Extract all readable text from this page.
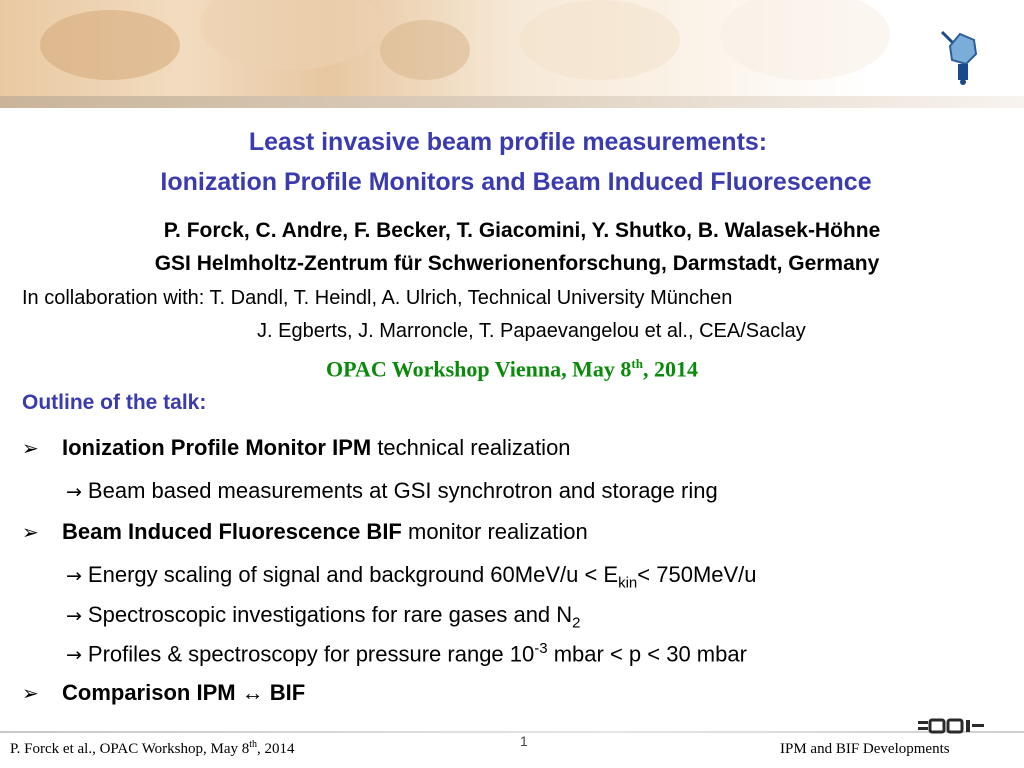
Least invasive beam profile measurements:
Ionization Profile Monitors and Beam Induced Fluorescence
P. Forck, C. Andre, F. Becker, T. Giacomini, Y. Shutko, B. Walasek-Höhne
GSI Helmholtz-Zentrum für Schwerionenforschung, Darmstadt, Germany
In collaboration with: T. Dandl, T. Heindl, A. Ulrich, Technical University München
J. Egberts, J. Marroncle, T. Papaevangelou et al., CEA/Saclay
OPAC Workshop Vienna, May 8th, 2014
Outline of the talk:
➢ Ionization Profile Monitor IPM technical realization
→ Beam based measurements at GSI synchrotron and storage ring
➢ Beam Induced Fluorescence BIF monitor realization
→ Energy scaling of signal and background $60MeV/u < E_{kin}< 750MeV/u$
→ Spectroscopic investigations for rare gases and $N_2$
→ Profiles & spectroscopy for pressure range $10^{-3}$ mbar < p < 30 mbar
➢ Comparison IPM ↔ BIF
P. Forck et al., OPAC Workshop, May 8th, 2014	1	IPM and BIF Developments
